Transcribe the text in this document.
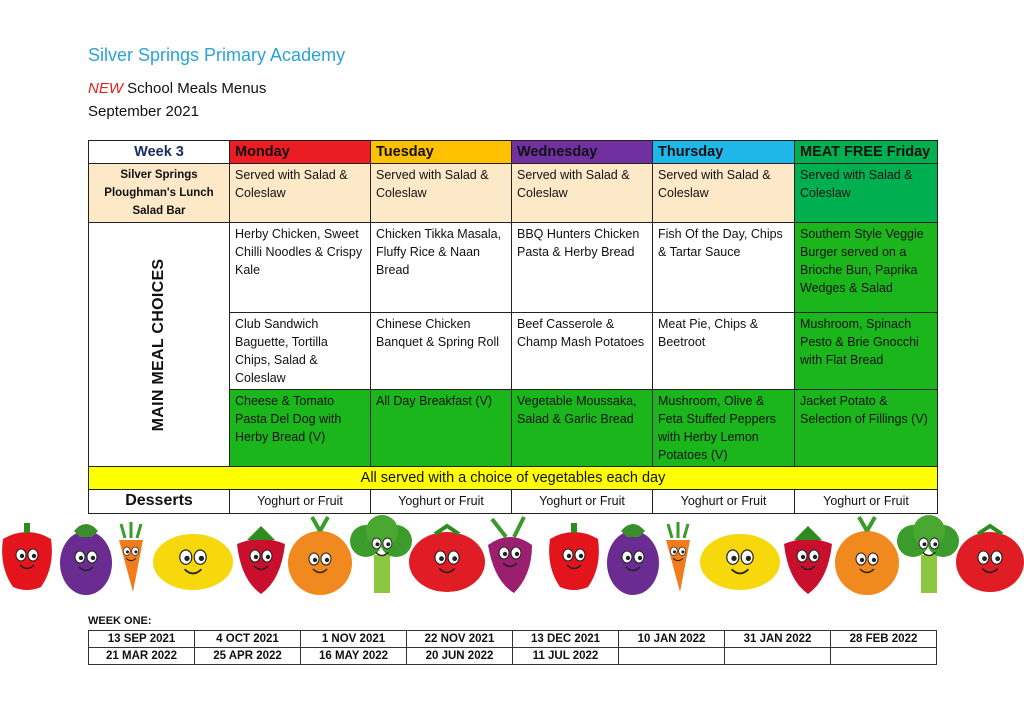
Silver Springs Primary Academy
NEW School Meals Menus
September 2021
Week 3	Monday	Tuesday	Wednesday	Thursday	MEAT FREE Friday
Silver Springs Ploughman's Lunch Salad Bar	Served with Salad & Coleslaw	Served with Salad & Coleslaw	Served with Salad & Coleslaw	Served with Salad & Coleslaw	Served with Salad & Coleslaw

MAIN MEAL CHOICES	Herby Chicken, Sweet Chilli Noodles & Crispy Kale	Chicken Tikka Masala, Fluffy Rice & Naan Bread	BBQ Hunters Chicken Pasta & Herby Bread	Fish Of the Day, Chips & Tartar Sauce	Southern Style Veggie Burger served on a Brioche Bun, Paprika Wedges & Salad
	Club Sandwich Baguette, Tortilla Chips, Salad & Coleslaw	Chinese Chicken Banquet & Spring Roll	Beef Casserole & Champ Mash Potatoes	Meat Pie, Chips & Beetroot	Mushroom, Spinach Pesto & Brie Gnocchi with Flat Bread
	Cheese & Tomato Pasta Del Dog with Herby Bread (V)	All Day Breakfast (V)	Vegetable Moussaka, Salad & Garlic Bread	Mushroom, Olive & Feta Stuffed Peppers with Herby Lemon Potatoes (V)	Jacket Potato & Selection of Fillings (V)
All served with a choice of vegetables each day					
Desserts	Yoghurt or Fruit	Yoghurt or Fruit	Yoghurt or Fruit	Yoghurt or Fruit	Yoghurt or Fruit
WEEK ONE:
13 SEP 2021	4 OCT 2021	1 NOV 2021	22 NOV 2021	13 DEC 2021	10 JAN 2022	31 JAN 2022	28 FEB 2022
21 MAR 2022	25 APR 2022	16 MAY 2022	20 JUN 2022	11 JUL 2022			
